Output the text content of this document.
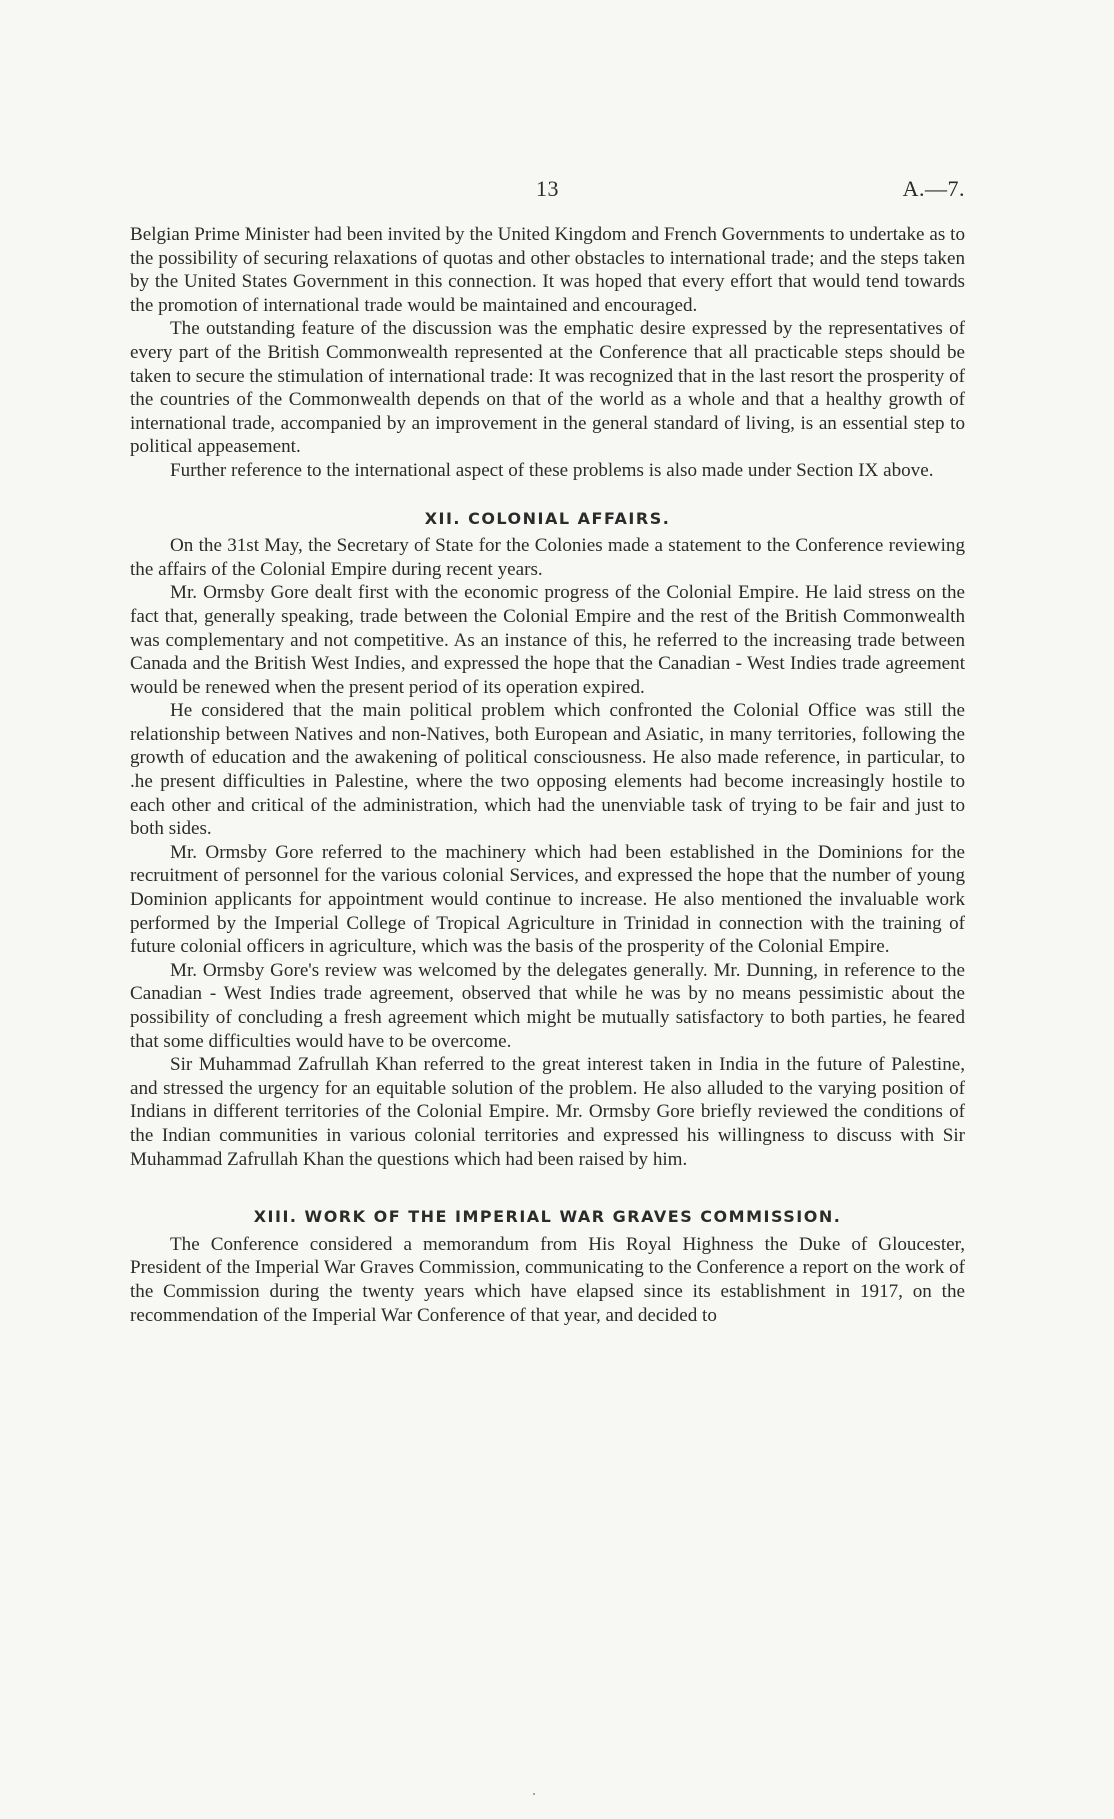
13	A.—7.

Belgian Prime Minister had been invited by the United Kingdom and French Governments to undertake as to the possibility of securing relaxations of quotas and other obstacles to international trade; and the steps taken by the United States Government in this connection. It was hoped that every effort that would tend towards the promotion of international trade would be maintained and encouraged.

The outstanding feature of the discussion was the emphatic desire expressed by the representatives of every part of the British Commonwealth represented at the Conference that all practicable steps should be taken to secure the stimulation of international trade: It was recognized that in the last resort the prosperity of the countries of the Commonwealth depends on that of the world as a whole and that a healthy growth of international trade, accompanied by an improvement in the general standard of living, is an essential step to political appeasement.

Further reference to the international aspect of these problems is also made under Section IX above.

XII. COLONIAL AFFAIRS.

On the 31st May, the Secretary of State for the Colonies made a statement to the Conference reviewing the affairs of the Colonial Empire during recent years.

Mr. Ormsby Gore dealt first with the economic progress of the Colonial Empire. He laid stress on the fact that, generally speaking, trade between the Colonial Empire and the rest of the British Commonwealth was complementary and not competitive. As an instance of this, he referred to the increasing trade between Canada and the British West Indies, and expressed the hope that the Canadian - West Indies trade agreement would be renewed when the present period of its operation expired.

He considered that the main political problem which confronted the Colonial Office was still the relationship between Natives and non-Natives, both European and Asiatic, in many territories, following the growth of education and the awakening of political consciousness. He also made reference, in particular, to .he present difficulties in Palestine, where the two opposing elements had become increasingly hostile to each other and critical of the administration, which had the unenviable task of trying to be fair and just to both sides.

Mr. Ormsby Gore referred to the machinery which had been established in the Dominions for the recruitment of personnel for the various colonial Services, and expressed the hope that the number of young Dominion applicants for appointment would continue to increase. He also mentioned the invaluable work performed by the Imperial College of Tropical Agriculture in Trinidad in connection with the training of future colonial officers in agriculture, which was the basis of the prosperity of the Colonial Empire.

Mr. Ormsby Gore's review was welcomed by the delegates generally. Mr. Dunning, in reference to the Canadian - West Indies trade agreement, observed that while he was by no means pessimistic about the possibility of concluding a fresh agreement which might be mutually satisfactory to both parties, he feared that some difficulties would have to be overcome.

Sir Muhammad Zafrullah Khan referred to the great interest taken in India in the future of Palestine, and stressed the urgency for an equitable solution of the problem. He also alluded to the varying position of Indians in different territories of the Colonial Empire. Mr. Ormsby Gore briefly reviewed the conditions of the Indian communities in various colonial territories and expressed his willingness to discuss with Sir Muhammad Zafrullah Khan the questions which had been raised by him.

XIII. WORK OF THE IMPERIAL WAR GRAVES COMMISSION.

The Conference considered a memorandum from His Royal Highness the Duke of Gloucester, President of the Imperial War Graves Commission, communicating to the Conference a report on the work of the Commission during the twenty years which have elapsed since its establishment in 1917, on the recommendation of the Imperial War Conference of that year, and decided to
